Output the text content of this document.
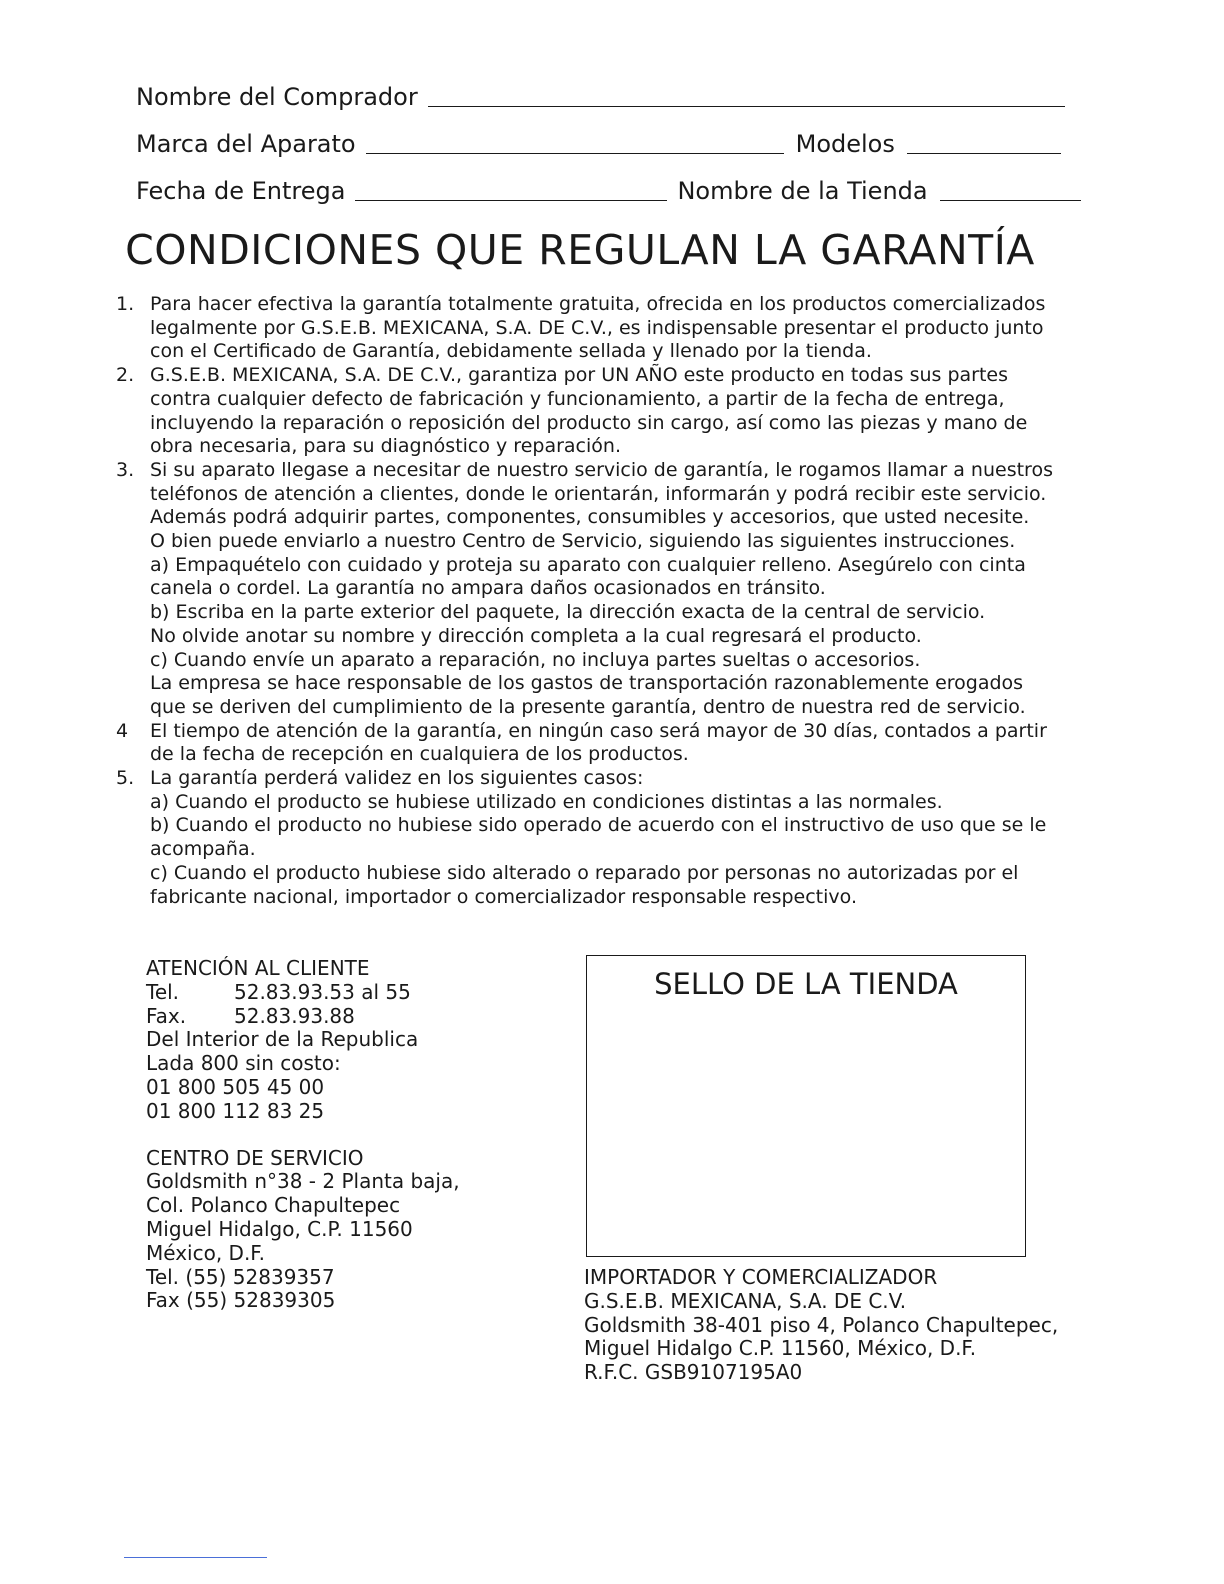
Nombre del Comprador
Marca del Aparato	Modelos
Fecha de Entrega	Nombre de la Tienda
CONDICIONES QUE REGULAN LA GARANTÍA
1. Para hacer efectiva la garantía totalmente gratuita, ofrecida en los productos comercializados
legalmente por G.S.E.B. MEXICANA, S.A. DE C.V., es indispensable presentar el producto junto
con el Certificado de Garantía, debidamente sellada y llenado por la tienda.
2. G.S.E.B. MEXICANA, S.A. DE C.V., garantiza por UN AÑO este producto en todas sus partes
contra cualquier defecto de fabricación y funcionamiento, a partir de la fecha de entrega,
incluyendo la reparación o reposición del producto sin cargo, así como las piezas y mano de
obra necesaria, para su diagnóstico y reparación.
3. Si su aparato llegase a necesitar de nuestro servicio de garantía, le rogamos llamar a nuestros
teléfonos de atención a clientes, donde le orientarán, informarán y podrá recibir este servicio.
Además podrá adquirir partes, componentes, consumibles y accesorios, que usted necesite.
O bien puede enviarlo a nuestro Centro de Servicio, siguiendo las siguientes instrucciones.
a) Empaquételo con cuidado y proteja su aparato con cualquier relleno. Asegúrelo con cinta
canela o cordel. La garantía no ampara daños ocasionados en tránsito.
b) Escriba en la parte exterior del paquete, la dirección exacta de la central de servicio.
No olvide anotar su nombre y dirección completa a la cual regresará el producto.
c) Cuando envíe un aparato a reparación, no incluya partes sueltas o accesorios.
La empresa se hace responsable de los gastos de transportación razonablemente erogados
que se deriven del cumplimiento de la presente garantía, dentro de nuestra red de servicio.
4 El tiempo de atención de la garantía, en ningún caso será mayor de 30 días, contados a partir
de la fecha de recepción en cualquiera de los productos.
5. La garantía perderá validez en los siguientes casos:
a) Cuando el producto se hubiese utilizado en condiciones distintas a las normales.
b) Cuando el producto no hubiese sido operado de acuerdo con el instructivo de uso que se le
acompaña.
c) Cuando el producto hubiese sido alterado o reparado por personas no autorizadas por el
fabricante nacional, importador o comercializador responsable respectivo.
ATENCIÓN AL CLIENTE
Tel.	52.83.93.53 al 55
Fax.	52.83.93.88
Del Interior de la Republica
Lada 800 sin costo:
01 800 505 45 00
01 800 112 83 25
CENTRO DE SERVICIO
Goldsmith n°38 - 2 Planta baja,
Col. Polanco Chapultepec
Miguel Hidalgo, C.P. 11560
México, D.F.
Tel. (55) 52839357
Fax (55) 52839305
SELLO DE LA TIENDA
IMPORTADOR Y COMERCIALIZADOR
G.S.E.B. MEXICANA, S.A. DE C.V.
Goldsmith 38-401 piso 4, Polanco Chapultepec,
Miguel Hidalgo C.P. 11560, México, D.F.
R.F.C. GSB9107195A0
